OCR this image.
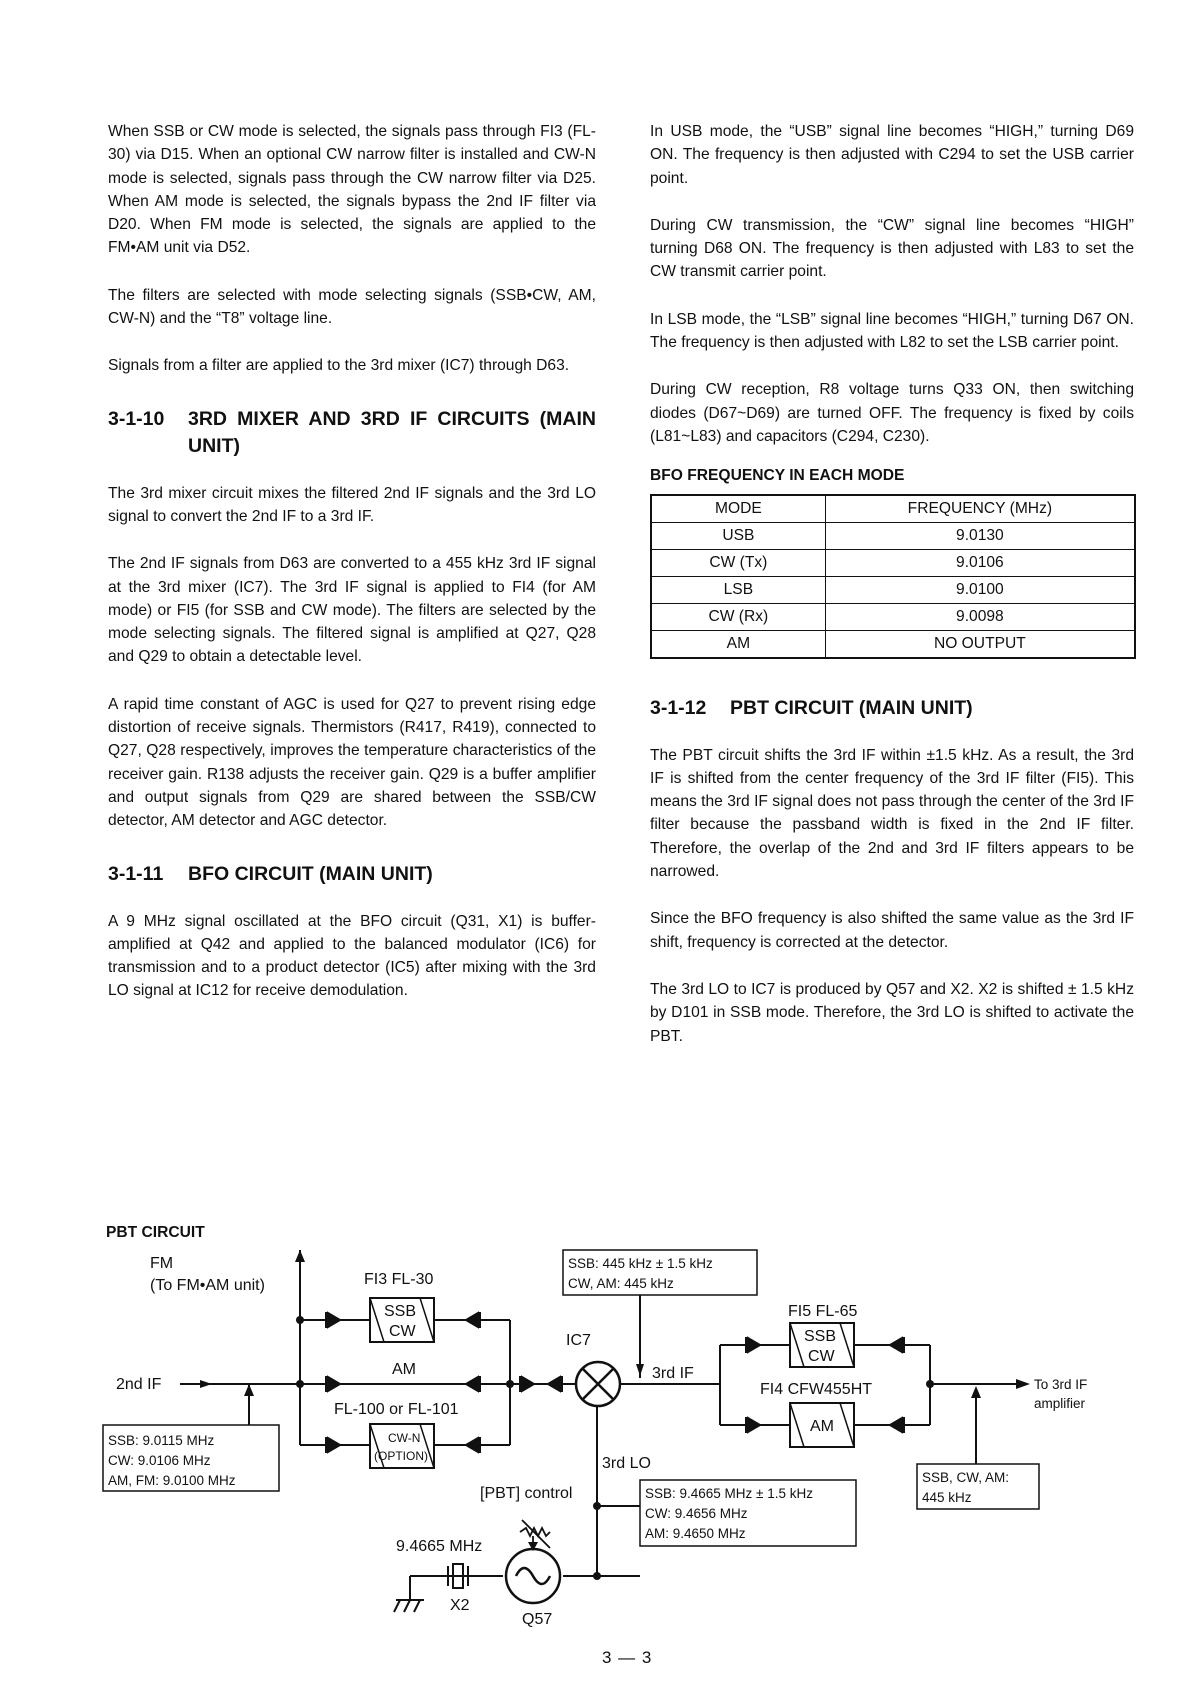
When SSB or CW mode is selected, the signals pass through FI3 (FL-30) via D15. When an optional CW narrow filter is installed and CW-N mode is selected, signals pass through the CW narrow filter via D25. When AM mode is selected, the signals bypass the 2nd IF filter via D20. When FM mode is selected, the signals are applied to the FM•AM unit via D52.

The filters are selected with mode selecting signals (SSB•CW, AM, CW-N) and the “T8” voltage line.

Signals from a filter are applied to the 3rd mixer (IC7) through D63.

3-1-10	3RD MIXER AND 3RD IF CIRCUITS (MAIN UNIT)

The 3rd mixer circuit mixes the filtered 2nd IF signals and the 3rd LO signal to convert the 2nd IF to a 3rd IF.

The 2nd IF signals from D63 are converted to a 455 kHz 3rd IF signal at the 3rd mixer (IC7). The 3rd IF signal is applied to FI4 (for AM mode) or FI5 (for SSB and CW mode). The filters are selected by the mode selecting signals. The filtered signal is amplified at Q27, Q28 and Q29 to obtain a detectable level.

A rapid time constant of AGC is used for Q27 to prevent rising edge distortion of receive signals. Thermistors (R417, R419), connected to Q27, Q28 respectively, improves the temperature characteristics of the receiver gain. R138 adjusts the receiver gain. Q29 is a buffer amplifier and output signals from Q29 are shared between the SSB/CW detector, AM detector and AGC detector.

3-1-11	BFO CIRCUIT (MAIN UNIT)

A 9 MHz signal oscillated at the BFO circuit (Q31, X1) is buffer-amplified at Q42 and applied to the balanced modulator (IC6) for transmission and to a product detector (IC5) after mixing with the 3rd LO signal at IC12 for receive demodulation.

In USB mode, the “USB” signal line becomes “HIGH,” turning D69 ON. The frequency is then adjusted with C294 to set the USB carrier point.

During CW transmission, the “CW” signal line becomes “HIGH” turning D68 ON. The frequency is then adjusted with L83 to set the CW transmit carrier point.

In LSB mode, the “LSB” signal line becomes “HIGH,” turning D67 ON. The frequency is then adjusted with L82 to set the LSB carrier point.

During CW reception, R8 voltage turns Q33 ON, then switching diodes (D67~D69) are turned OFF. The frequency is fixed by coils (L81~L83) and capacitors (C294, C230).

BFO FREQUENCY IN EACH MODE
MODE	FREQUENCY (MHz)
USB	9.0130
CW (Tx)	9.0106
LSB	9.0100
CW (Rx)	9.0098
AM	NO OUTPUT
3-1-12	PBT CIRCUIT (MAIN UNIT)

The PBT circuit shifts the 3rd IF within ±1.5 kHz. As a result, the 3rd IF is shifted from the center frequency of the 3rd IF filter (FI5). This means the 3rd IF signal does not pass through the center of the 3rd IF filter because the passband width is fixed in the 2nd IF filter. Therefore, the overlap of the 2nd and 3rd IF filters appears to be narrowed.

Since the BFO frequency is also shifted the same value as the 3rd IF shift, frequency is corrected at the detector.

The 3rd LO to IC7 is produced by Q57 and X2. X2 is shifted ± 1.5 kHz by D101 in SSB mode. Therefore, the 3rd LO is shifted to activate the PBT.

PBT CIRCUIT
FM
(To FM•AM unit)	FI3 FL-30
SSB
CW
AM
FL-100 or FL-101
CW-N
(OPTION)
2nd IF
SSB: 9.0115 MHz
CW: 9.0106 MHz
AM, FM: 9.0100 MHz
SSB: 445 kHz ± 1.5 kHz
CW, AM: 445 kHz
IC7
3rd IF
3rd LO
FI5 FL-65
SSB
CW
FI4 CFW455HT
AM
To 3rd IF
amplifier
SSB, CW, AM:
445 kHz
[PBT] control	SSB: 9.4665 MHz ± 1.5 kHz
CW: 9.4656 MHz
AM: 9.4650 MHz
9.4665 MHz
X2
Q57
3 — 3
